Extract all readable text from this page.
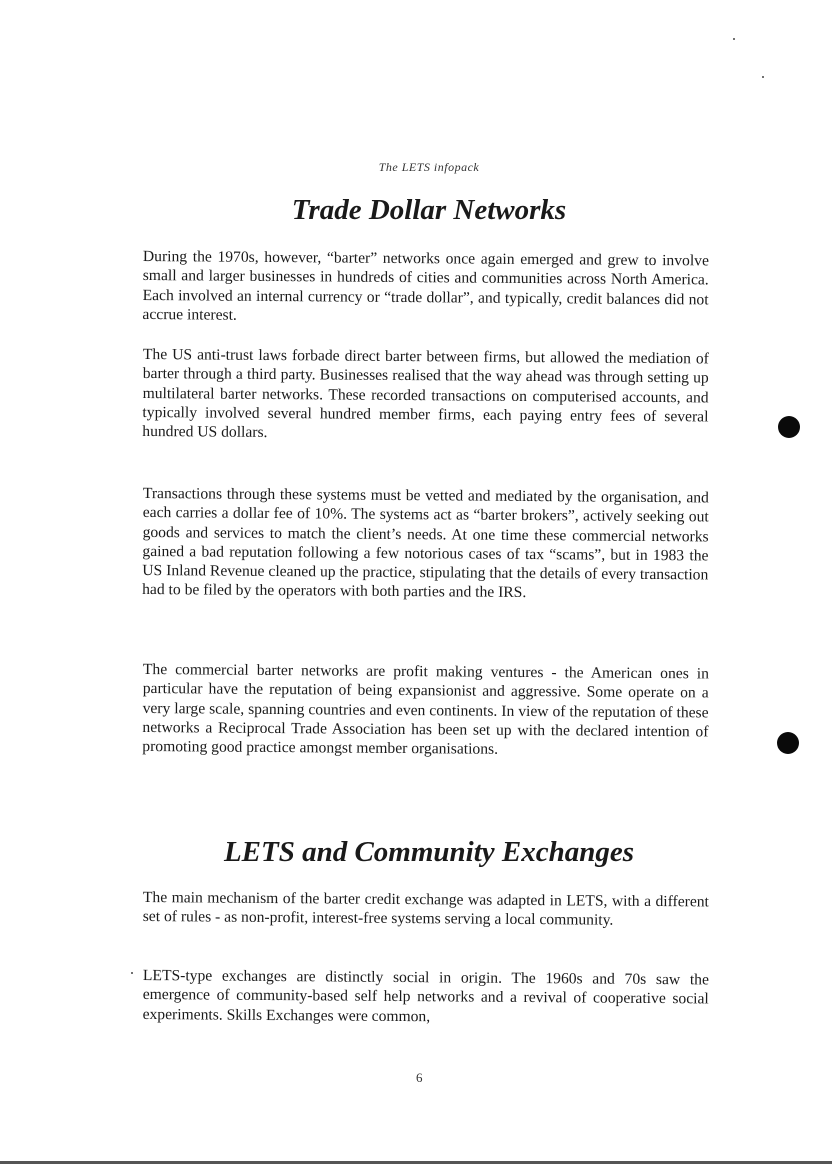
The LETS infopack
Trade Dollar Networks

During the 1970s, however, “barter” networks once again emerged and grew to involve small and larger businesses in hundreds of cities and communities across North America. Each involved an internal currency or “trade dollar”, and typically, credit balances did not accrue interest.

The US anti-trust laws forbade direct barter between firms, but allowed the mediation of barter through a third party. Businesses realised that the way ahead was through setting up multilateral barter networks. These recorded transactions on computerised accounts, and typically involved several hundred member firms, each paying entry fees of several hundred US dollars.

Transactions through these systems must be vetted and mediated by the organisation, and each carries a dollar fee of 10%. The systems act as “barter brokers”, actively seeking out goods and services to match the client’s needs. At one time these commercial networks gained a bad reputation following a few notorious cases of tax “scams”, but in 1983 the US Inland Revenue cleaned up the practice, stipulating that the details of every transaction had to be filed by the operators with both parties and the IRS.

The commercial barter networks are profit making ventures - the American ones in particular have the reputation of being expansionist and aggressive. Some operate on a very large scale, spanning countries and even continents. In view of the reputation of these networks a Reciprocal Trade Association has been set up with the declared intention of promoting good practice amongst member organisations.

LETS and Community Exchanges

The main mechanism of the barter credit exchange was adapted in LETS, with a different set of rules - as non-profit, interest-free systems serving a local community.

LETS-type exchanges are distinctly social in origin. The 1960s and 70s saw the emergence of community-based self help networks and a revival of cooperative social experiments. Skills Exchanges were common,

6
